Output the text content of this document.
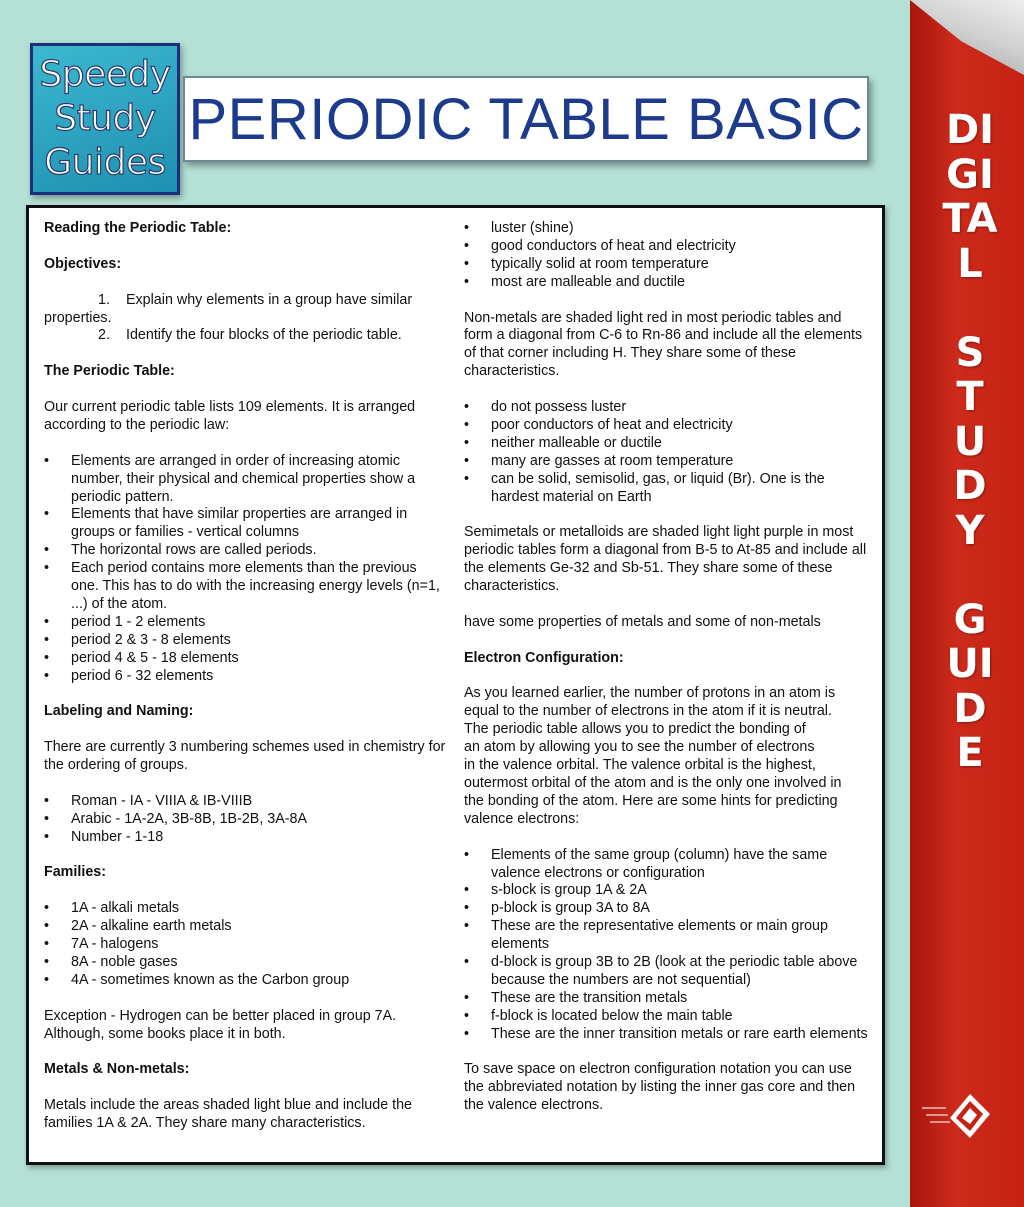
Speedy
Study
Guides
PERIODIC TABLE BASIC

Reading the Periodic Table:

Objectives:

1. Explain why elements in a group have similar

properties.

2. Identify the four blocks of the periodic table.

The Periodic Table:

Our current periodic table lists 109 elements. It is arranged according to the periodic law:

• Elements are arranged in order of increasing atomic number, their physical and chemical properties show a periodic pattern.
• Elements that have similar properties are arranged in groups or families - vertical columns
• The horizontal rows are called periods.
• Each period contains more elements than the previous one. This has to do with the increasing energy levels (n=1, ...) of the atom.
• period 1 - 2 elements
• period 2 & 3 - 8 elements
• period 4 & 5 - 18 elements
• period 6 - 32 elements

Labeling and Naming:

There are currently 3 numbering schemes used in chemistry for the ordering of groups.

• Roman - IA - VIIIA & IB-VIIIB
• Arabic - 1A-2A, 3B-8B, 1B-2B, 3A-8A
• Number - 1-18

Families:

• 1A - alkali metals
• 2A - alkaline earth metals
• 7A - halogens
• 8A - noble gases
• 4A - sometimes known as the Carbon group

Exception - Hydrogen can be better placed in group 7A. Although, some books place it in both.

Metals & Non-metals:

Metals include the areas shaded light blue and include the families 1A & 2A. They share many characteristics.

• luster (shine)
• good conductors of heat and electricity
• typically solid at room temperature
• most are malleable and ductile

Non-metals are shaded light red in most periodic tables and form a diagonal from C-6 to Rn-86 and include all the elements of that corner including H. They share some of these characteristics.

• do not possess luster
• poor conductors of heat and electricity
• neither malleable or ductile
• many are gasses at room temperature
• can be solid, semisolid, gas, or liquid (Br). One is the hardest material on Earth

Semimetals or metalloids are shaded light light purple in most periodic tables form a diagonal from B-5 to At-85 and include all the elements Ge-32 and Sb-51. They share some of these characteristics.

have some properties of metals and some of non-metals

Electron Configuration:

As you learned earlier, the number of protons in an atom is

equal to the number of electrons in the atom if it is neutral.

The periodic table allows you to predict the bonding of

an atom by allowing you to see the number of electrons

in the valence orbital. The valence orbital is the highest,

outermost orbital of the atom and is the only one involved in

the bonding of the atom. Here are some hints for predicting

valence electrons:

• Elements of the same group (column) have the same valence electrons or configuration
• s-block is group 1A & 2A
• p-block is group 3A to 8A
• These are the representative elements or main group elements
• d-block is group 3B to 2B (look at the periodic table above because the numbers are not sequential)
• These are the transition metals
• f-block is located below the main table
• These are the inner transition metals or rare earth elements

To save space on electron configuration notation you can use the abbreviated notation by listing the inner gas core and then the valence electrons.

DIGITAL
STUDY
GUIDE
